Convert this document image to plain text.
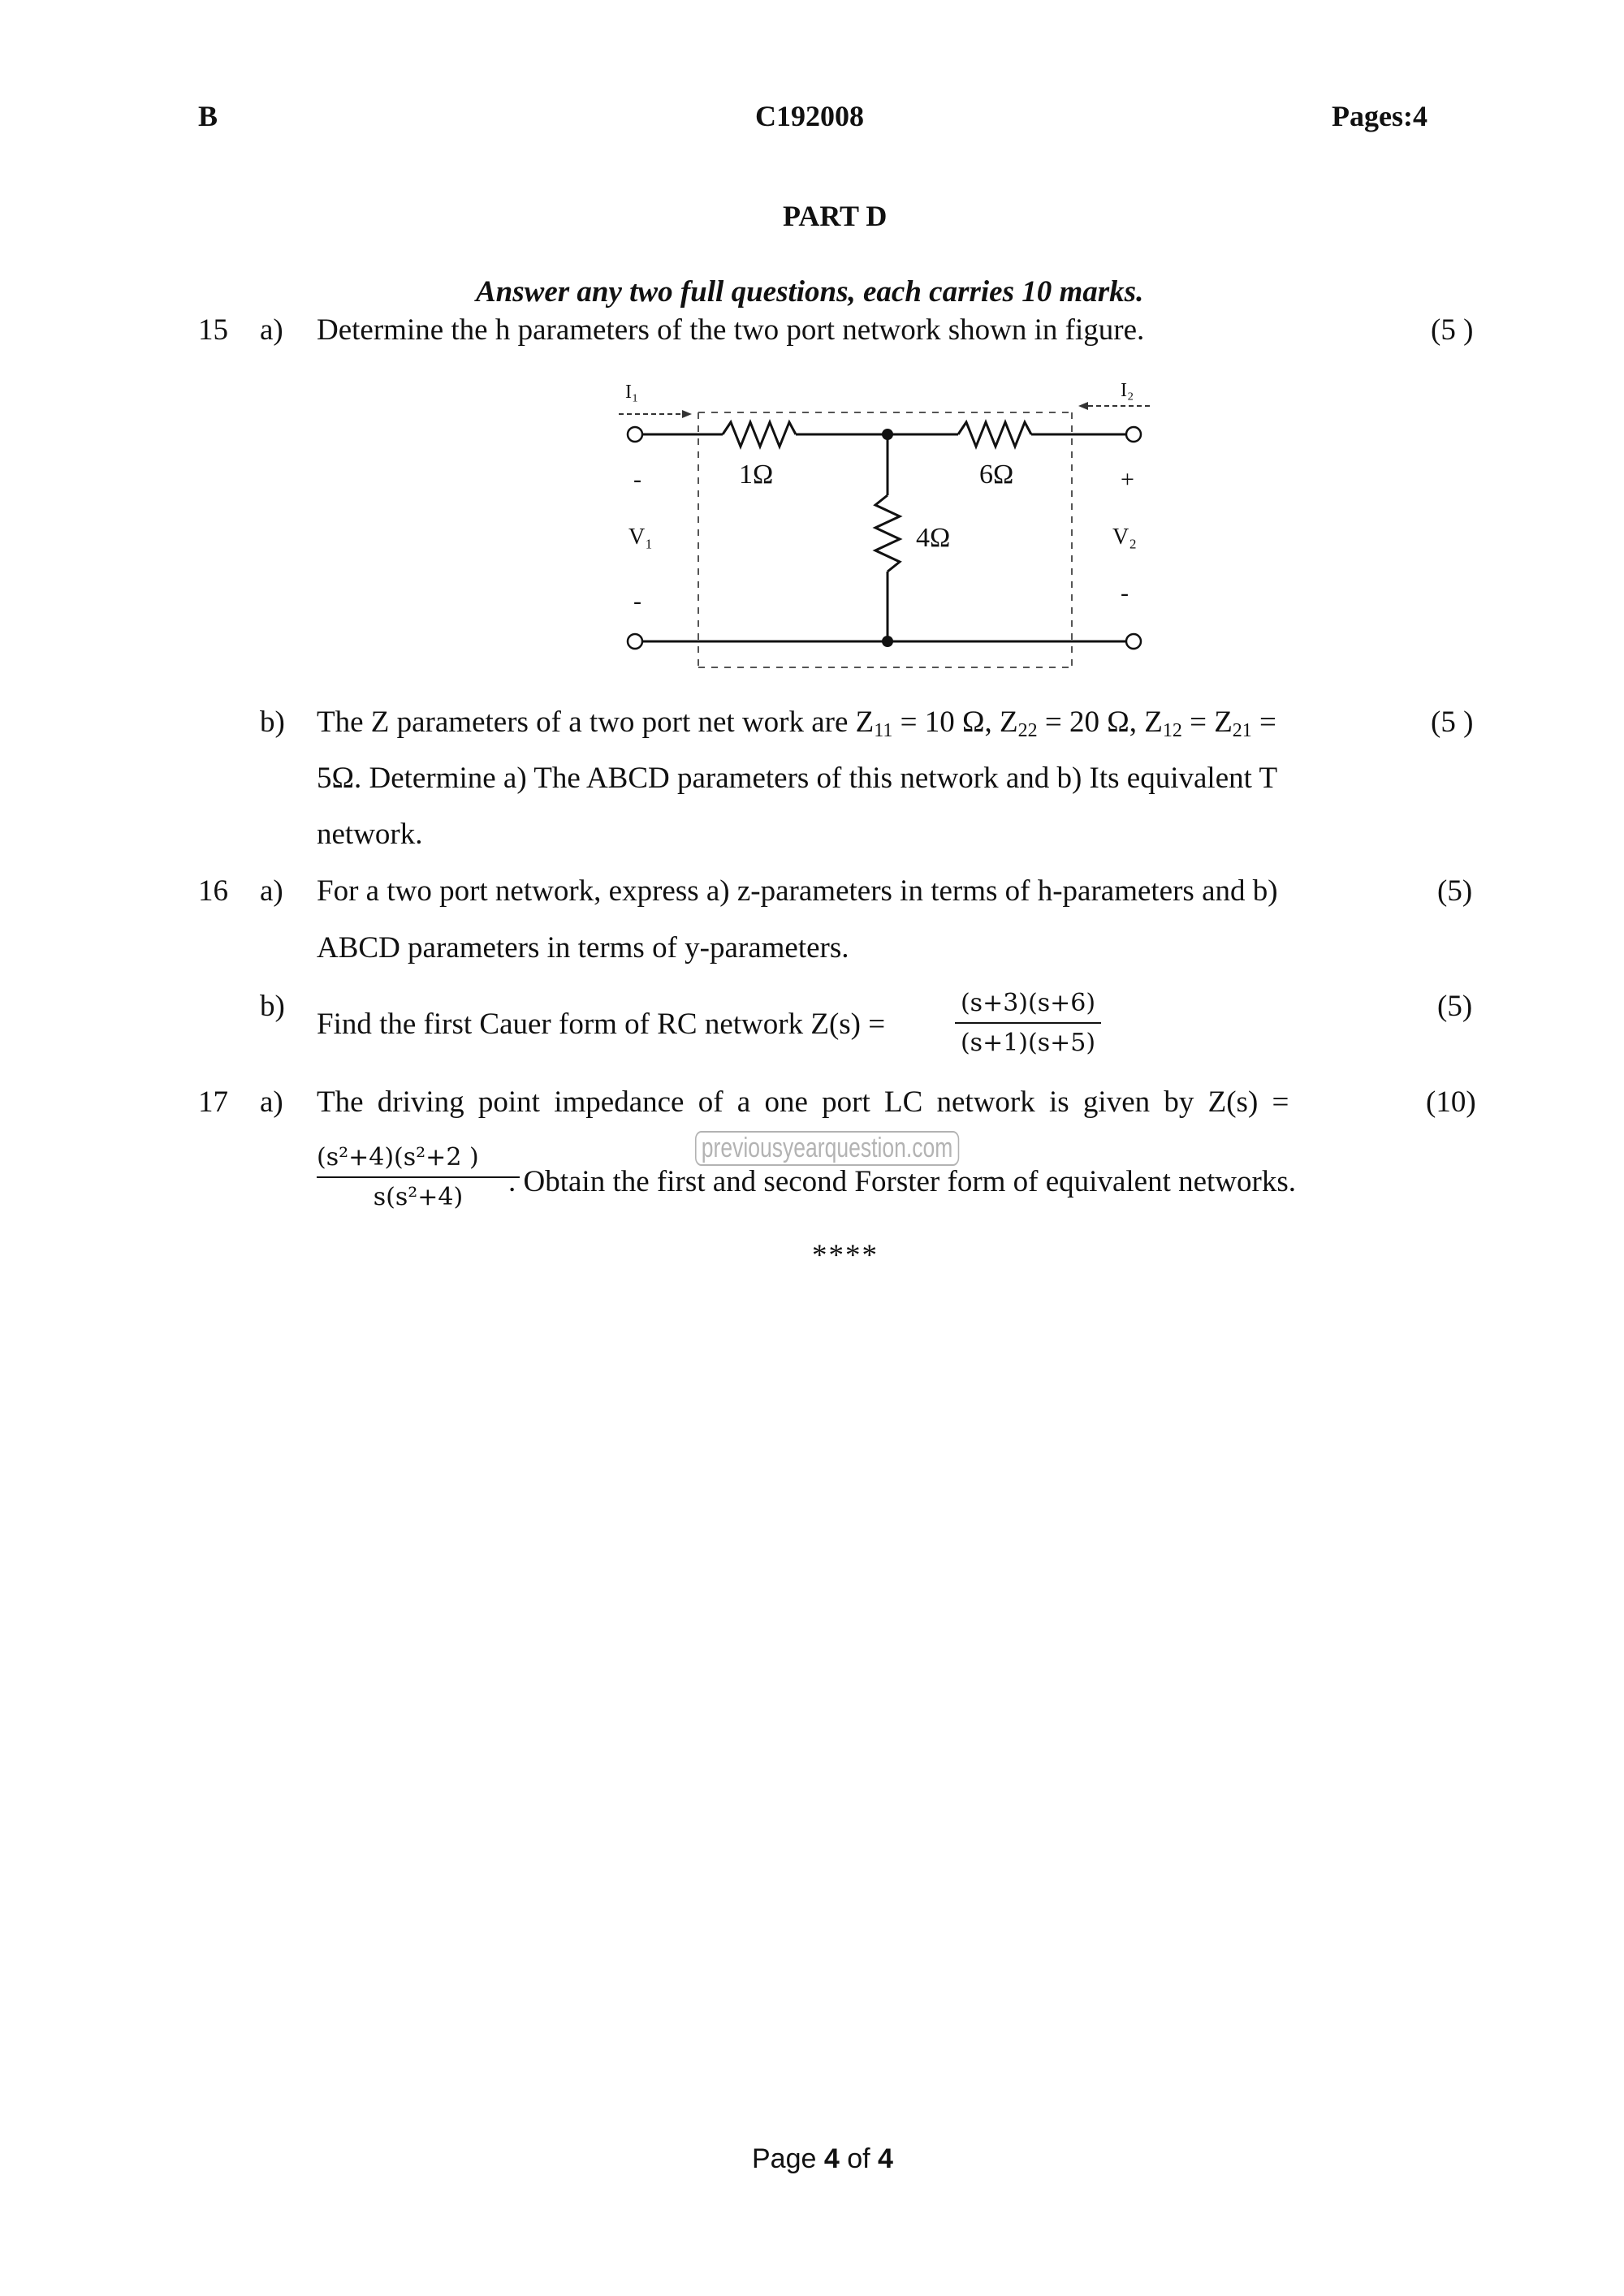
B	C192008	Pages:4
PART D
Answer any two full questions, each carries 10 marks.
15 a) Determine the h parameters of the two port network shown in figure.	(5 )
I₁	I₂
1Ω	6Ω
4Ω
-	+
V₁	V₂
-	-
b) The Z parameters of a two port net work are $Z_{11} = 10$ Ω, $Z_{22} = 20$ Ω, $Z_{12} = Z_{21}$ =	(5 )
5Ω. Determine a) The ABCD parameters of this network and b) Its equivalent T
network.
16 a) For a two port network, express a) z-parameters in terms of h-parameters and b)	(5)
ABCD parameters in terms of y-parameters.
b)
Find the first Cauer form of RC network Z(s) =
(s+3)(s+6)
(s+1)(s+5)
(5)
17 a) The driving point impedance of a one port LC network is given by Z(s) =	(10)
(s²+4)(s²+2 )
s(s²+4)	. Obtain the first and second Forster form of equivalent networks.
previousyearquestion.com
****
Page 4 of 4
